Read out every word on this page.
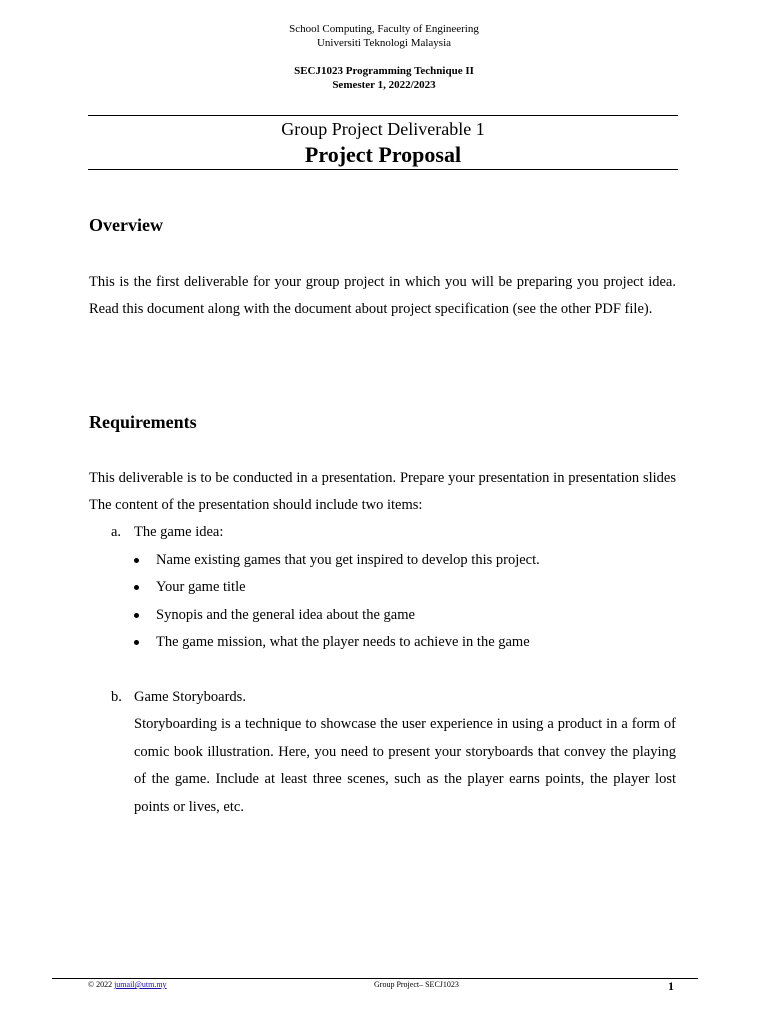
School Computing, Faculty of Engineering
Universiti Teknologi Malaysia
SECJ1023 Programming Technique II
Semester 1, 2022/2023
Group Project Deliverable 1
Project Proposal
Overview
This is the first deliverable for your group project in which you will be preparing you project idea. Read this document along with the document about project specification (see the other PDF file).
Requirements
This deliverable is to be conducted in a presentation. Prepare your presentation in presentation slides The content of the presentation should include two items:
a. The game idea:
Name existing games that you get inspired to develop this project.
Your game title
Synopis and the general idea about the game
The game mission, what the player needs to achieve in the game
b. Game Storyboards.
Storyboarding is a technique to showcase the user experience in using a product in a form of comic book illustration. Here, you need to present your storyboards that convey the playing of the game. Include at least three scenes, such as the player earns points, the player lost points or lives, etc.
© 2022 jumail@utm.my	Group Project– SECJ1023	1
